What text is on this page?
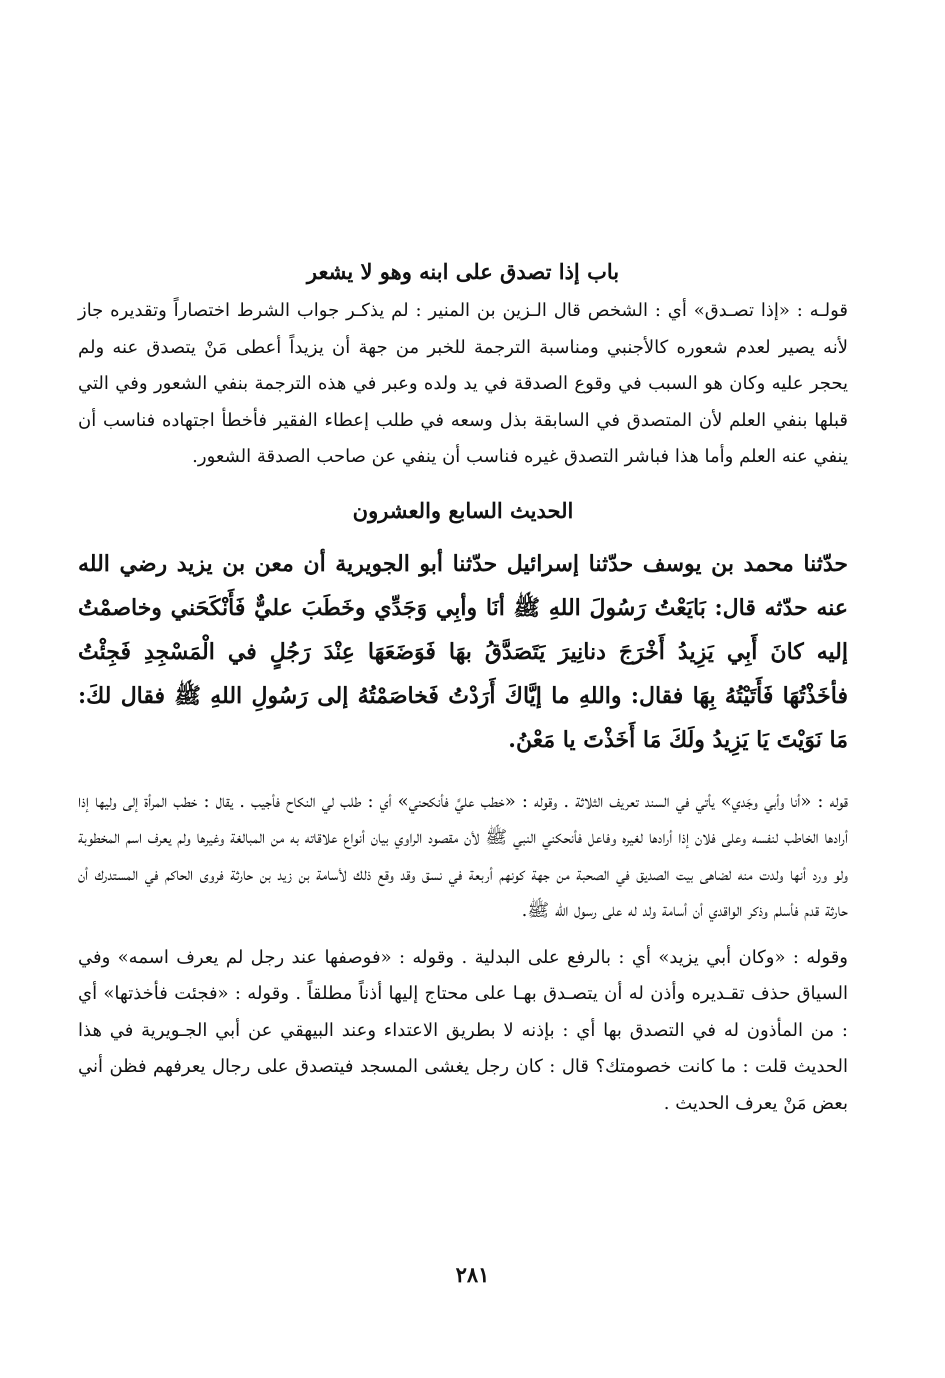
باب إذا تصدق على ابنه وهو لا يشعر

قولـه : «إذا تصـدق» أي : الشخص قال الـزين بن المنير : لم يذكـر جواب الشرط اختصاراً وتقديره جاز لأنه يصير لعدم شعوره كالأجنبي ومناسبة الترجمة للخبر من جهة أن يزيداً أعطى مَنْ يتصدق عنه ولم يحجر عليه وكان هو السبب في وقوع الصدقة في يد ولده وعبر في هذه الترجمة بنفي الشعور وفي التي قبلها بنفي العلم لأن المتصدق في السابقة بذل وسعه في طلب إعطاء الفقير فأخطأ اجتهاده فناسب أن ينفي عنه العلم وأما هذا فباشر التصدق غيره فناسب أن ينفي عن صاحب الصدقة الشعور.

الحديث السابع والعشرون

حدّثنا محمد بن يوسف حدّثنا إسرائيل حدّثنا أبو الجويرية أن معن بن يزيد رضي الله عنه حدّثه قال: بَايَعْتُ رَسُولَ اللهِ ﷺ أنَا وأبِي وَجَدِّي وخَطَبَ عليٌّ فَأَنْكَحَني وخاصمْتُ إليه كانَ أَبِي يَزِيدُ أَخْرَجَ دنانِيرَ يَتَصَدَّقُ بهَا فَوَضَعَهَا عِنْدَ رَجُلٍ في الْمَسْجِدِ فَجِئْتُ فأخَذْتُهَا فَأَتَيْتُهُ بِهَا فقال: واللهِ ما إيَّاكَ أَرَدْتُ فَخاصَمْتُهُ إلى رَسُولِ اللهِ ﷺ فقال لكَ: مَا نَوَيْتَ يَا يَزِيدُ ولَكَ مَا أَخَذْتَ يا مَعْنُ.

قوله : «أنا وأبي وجَدي» يأتي في السند تعريف الثلاثة . وقوله : «خطب عليَّ فأنكحني» أي : طلب لي النكاح فأجيب . يقال : خطب المرأة إلى وليها إذا أرادها الخاطب لنفسه وعلى فلان إذا أرادها لغيره وفاعل فأنحكني النبي ﷺ لأن مقصود الراوي بيان أنواع علاقاته به من المبالغة وغيرها ولم يعرف اسم المخطوبة ولو ورد أنها ولدت منه لضاهى بيت الصديق في الصحبة من جهة كونهم أربعة في نسق وقد وقع ذلك لأسامة بن زيد بن حارثة فروى الحاكم في المستدرك أن حارثة قدم فأسلم وذكر الواقدي أن أسامة ولد له على رسول الله ﷺ.

وقوله : «وكان أبي يزيد» أي : بالرفع على البدلية . وقوله : «فوصفها عند رجل لم يعرف اسمه» وفي السياق حذف تقـديره وأذن له أن يتصـدق بهـا على محتاج إليها أذناً مطلقاً . وقوله : «فجئت فأخذتها» أي : من المأذون له في التصدق بها أي : بإذنه لا بطريق الاعتداء وعند البيهقي عن أبي الجـويرية في هذا الحديث قلت : ما كانت خصومتك؟ قال : كان رجل يغشى المسجد فيتصدق على رجال يعرفهم فظن أني بعض مَنْ يعرف الحديث .

٢٨١
